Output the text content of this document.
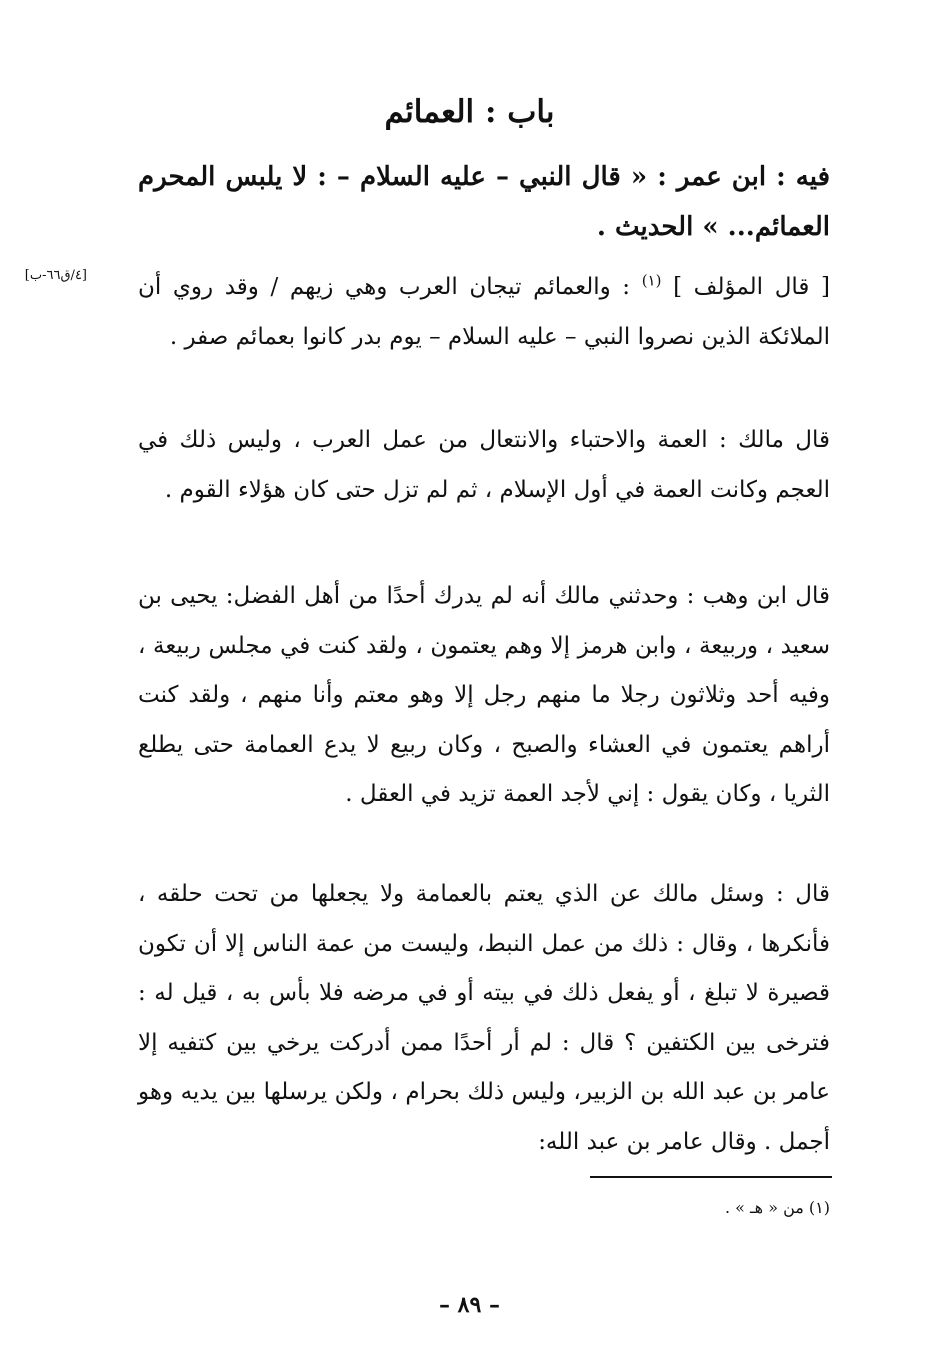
باب : العمائم
فيه : ابن عمر : « قال النبي – عليه السلام – : لا يلبس المحرم العمائم... » الحديث .
[٤/ق٦٦-ب]	[ قال المؤلف ] $^{(١)}$ : والعمائم تيجان العرب وهي زيهم / وقد روي أن الملائكة الذين نصروا النبي – عليه السلام – يوم بدر كانوا بعمائم صفر .
قال مالك : العمة والاحتباء والانتعال من عمل العرب ، وليس ذلك في العجم وكانت العمة في أول الإسلام ، ثم لم تزل حتى كان هؤلاء القوم .
قال ابن وهب : وحدثني مالك أنه لم يدرك أحدًا من أهل الفضل: يحيى بن سعيد ، وربيعة ، وابن هرمز إلا وهم يعتمون ، ولقد كنت في مجلس ربيعة ، وفيه أحد وثلاثون رجلا ما منهم رجل إلا وهو معتم وأنا منهم ، ولقد كنت أراهم يعتمون في العشاء والصبح ، وكان ربيع لا يدع العمامة حتى يطلع الثريا ، وكان يقول : إني لأجد العمة تزيد في العقل .
قال : وسئل مالك عن الذي يعتم بالعمامة ولا يجعلها من تحت حلقه ، فأنكرها ، وقال : ذلك من عمل النبط، وليست من عمة الناس إلا أن تكون قصيرة لا تبلغ ، أو يفعل ذلك في بيته أو في مرضه فلا بأس به ، قيل له : فترخى بين الكتفين ؟ قال : لم أر أحدًا ممن أدركت يرخي بين كتفيه إلا عامر بن عبد الله بن الزبير، وليس ذلك بحرام ، ولكن يرسلها بين يديه وهو أجمل . وقال عامر بن عبد الله:
(١) من « هـ » .
– ٨٩ –
